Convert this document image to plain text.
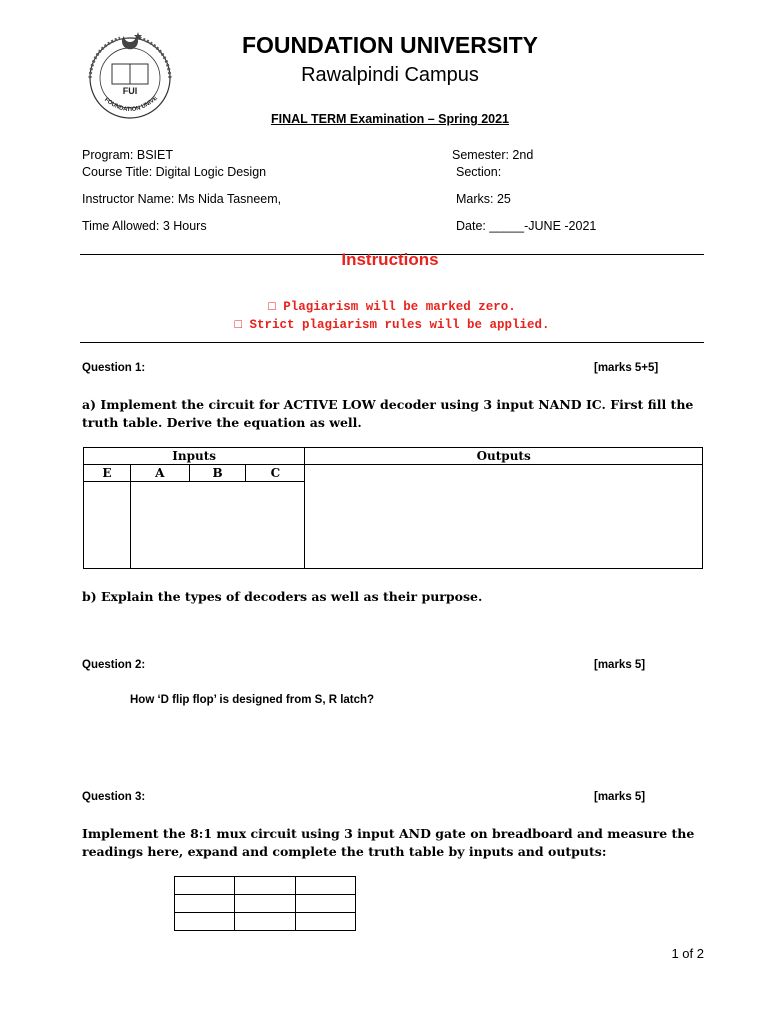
FUI
FOUNDATION UNIVE
FOUNDATION UNIVERSITY
Rawalpindi Campus
FINAL TERM Examination – Spring 2021
Program: BSIET	Semester: 2nd
Course Title: Digital Logic Design	Section:
Instructor Name: Ms Nida Tasneem,	Marks: 25
Time Allowed: 3 Hours	Date: _____-JUNE -2021
Instructions
□ Plagiarism will be marked zero.
□ Strict plagiarism rules will be applied.
Question 1:	[marks 5+5]
a) Implement the circuit for ACTIVE LOW decoder using 3 input NAND IC. First fill the truth table. Derive the equation as well.
Inputs				Outputs
E	A	B	C	

b) Explain the types of decoders as well as their purpose.
Question 2:	[marks 5]
How ‘D flip flop’ is designed from S, R latch?
Question 3:	[marks 5]
Implement the 8:1 mux circuit using 3 input AND gate on breadboard and measure the readings here, expand and complete the truth table by inputs and outputs:

1 of 2
